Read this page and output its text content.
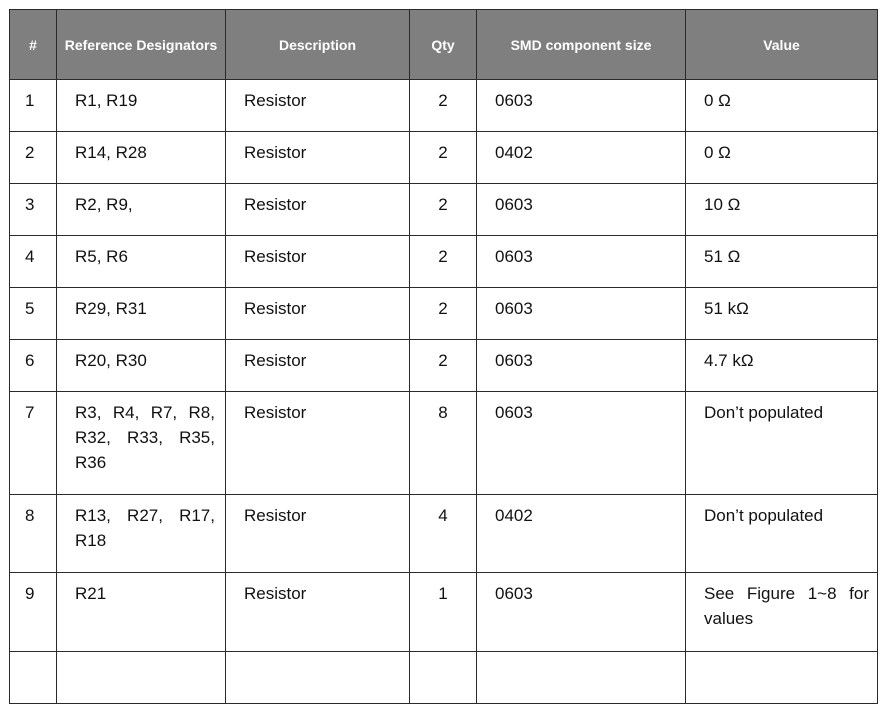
#	Reference Designators	Description	Qty	SMD component size	Value
1	R1, R19	Resistor	2	0603	0 Ω
2	R14, R28	Resistor	2	0402	0 Ω
3	R2, R9,	Resistor	2	0603	10 Ω
4	R5, R6	Resistor	2	0603	51 Ω
5	R29, R31	Resistor	2	0603	51 kΩ
6	R20, R30	Resistor	2	0603	4.7 kΩ
7	R3, R4, R7, R8, R32, R33, R35, R36	Resistor	8	0603	Don’t populated
8	R13, R27, R17, R18	Resistor	4	0402	Don’t populated
9	R21	Resistor	1	0603	See Figure 1~8 for values
